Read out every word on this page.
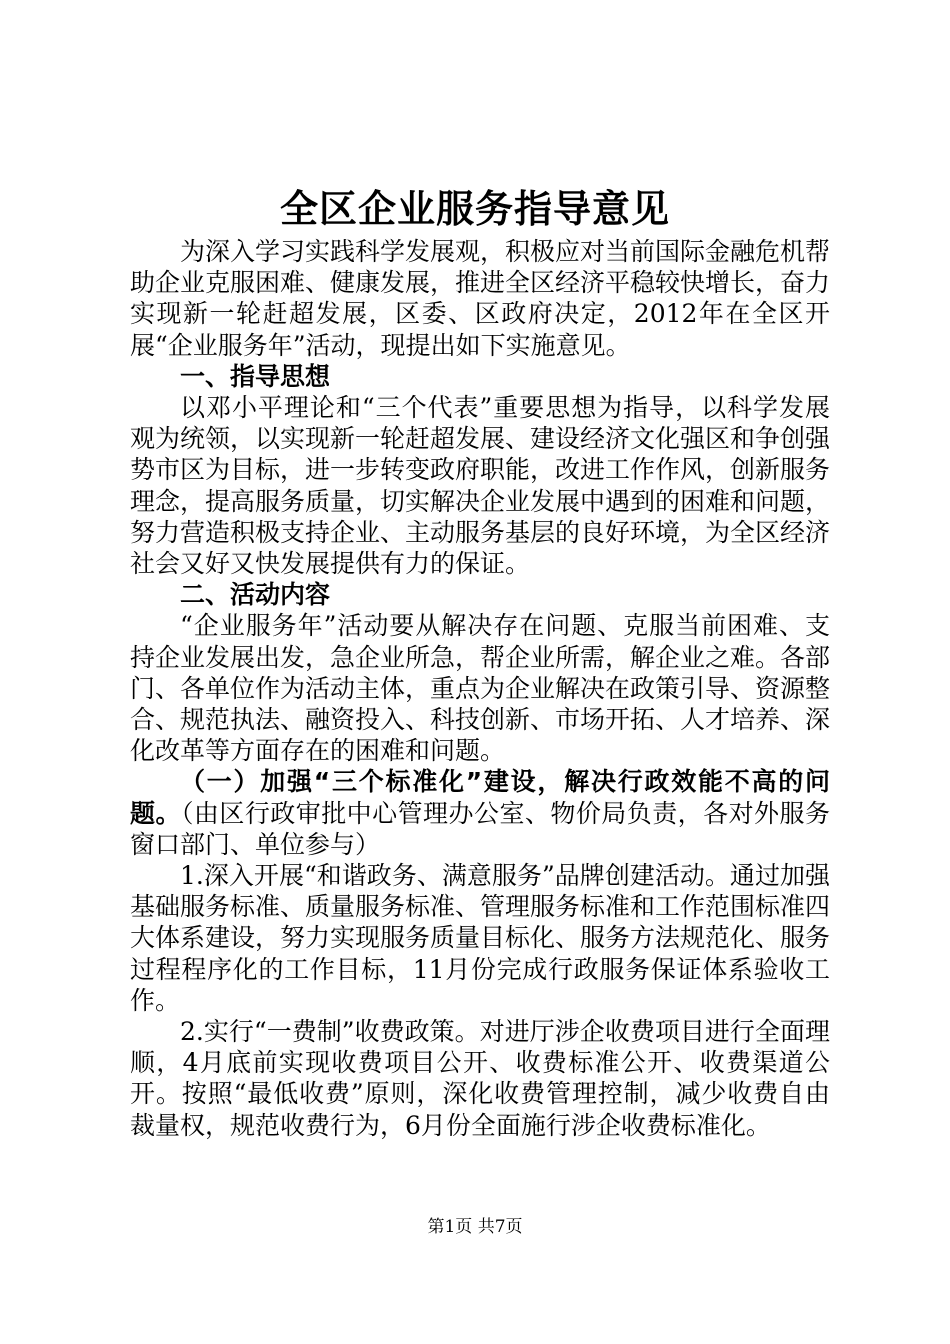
全区企业服务指导意见

为深入学习实践科学发展观，积极应对当前国际金融危机帮助企业克服困难、健康发展，推进全区经济平稳较快增长，奋力实现新一轮赶超发展，区委、区政府决定，2012年在全区开展“企业服务年”活动，现提出如下实施意见。

一、指导思想

以邓小平理论和“三个代表”重要思想为指导，以科学发展观为统领，以实现新一轮赶超发展、建设经济文化强区和争创强势市区为目标，进一步转变政府职能，改进工作作风，创新服务理念，提高服务质量，切实解决企业发展中遇到的困难和问题，努力营造积极支持企业、主动服务基层的良好环境，为全区经济社会又好又快发展提供有力的保证。

二、活动内容

“企业服务年”活动要从解决存在问题、克服当前困难、支持企业发展出发，急企业所急，帮企业所需，解企业之难。各部门、各单位作为活动主体，重点为企业解决在政策引导、资源整合、规范执法、融资投入、科技创新、市场开拓、人才培养、深化改革等方面存在的困难和问题。

（一）加强“三个标准化”建设，解决行政效能不高的问题。（由区行政审批中心管理办公室、物价局负责，各对外服务窗口部门、单位参与）

1.深入开展“和谐政务、满意服务”品牌创建活动。通过加强基础服务标准、质量服务标准、管理服务标准和工作范围标准四大体系建设，努力实现服务质量目标化、服务方法规范化、服务过程程序化的工作目标，11月份完成行政服务保证体系验收工作。

2.实行“一费制”收费政策。对进厅涉企收费项目进行全面理顺，4月底前实现收费项目公开、收费标准公开、收费渠道公开。按照“最低收费”原则，深化收费管理控制，减少收费自由裁量权，规范收费行为，6月份全面施行涉企收费标准化。

第1页 共7页
